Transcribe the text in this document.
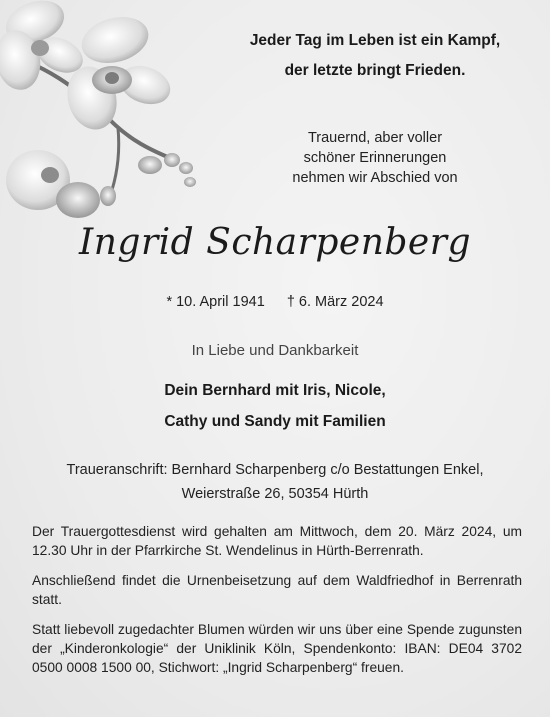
Jeder Tag im Leben ist ein Kampf,
der letzte bringt Frieden.
Trauernd, aber voller
schöner Erinnerungen
nehmen wir Abschied von
Ingrid Scharpenberg
* 10. April 1941 † 6. März 2024
In Liebe und Dankbarkeit
Dein Bernhard mit Iris, Nicole,
Cathy und Sandy mit Familien
Traueranschrift: Bernhard Scharpenberg c/o Bestattungen Enkel,
Weierstraße 26, 50354 Hürth
Der Trauergottesdienst wird gehalten am Mittwoch, dem 20. März 2024, um 12.30 Uhr in der Pfarrkirche St. Wendelinus in Hürth-Berrenrath.
Anschließend findet die Urnenbeisetzung auf dem Waldfriedhof in Berrenrath statt.
Statt liebevoll zugedachter Blumen würden wir uns über eine Spende zugunsten der „Kinderonkologie“ der Uniklinik Köln, Spendenkonto: IBAN: DE04 3702 0500 0008 1500 00, Stichwort: „Ingrid Scharpenberg“ freuen.
